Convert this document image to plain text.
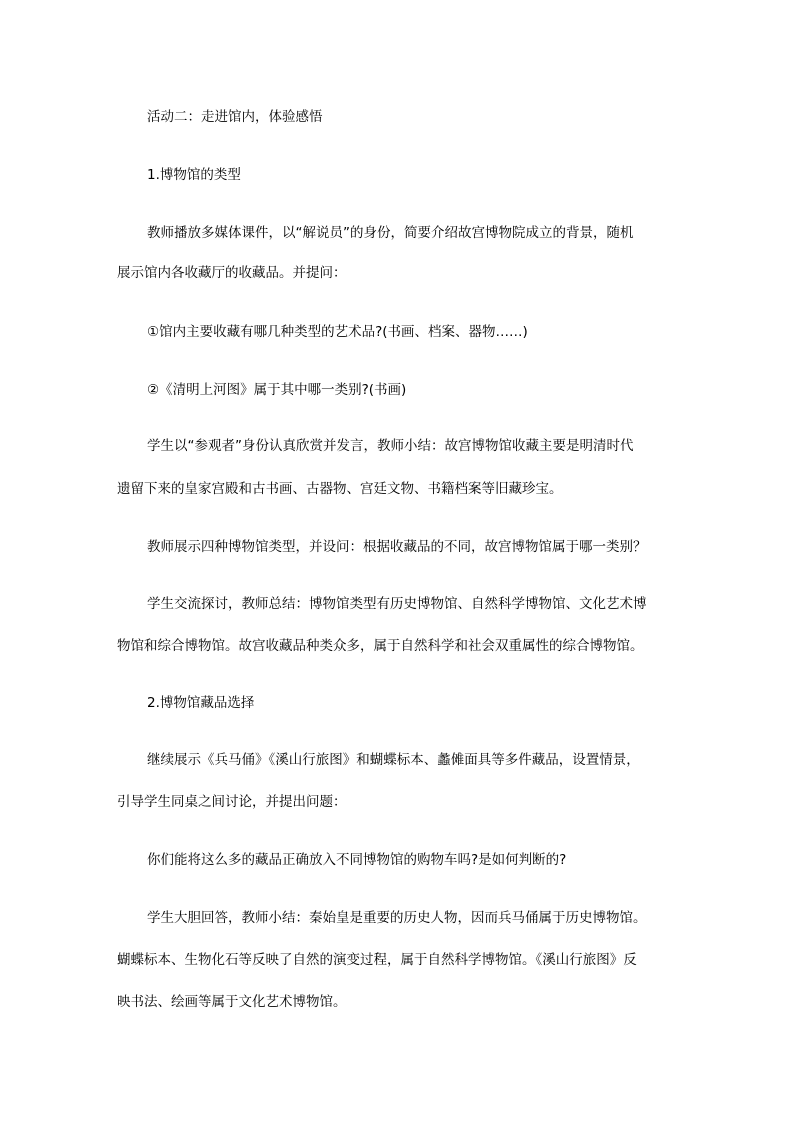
活动二：走进馆内，体验感悟
1.博物馆的类型
教师播放多媒体课件，以“解说员”的身份，简要介绍故宫博物院成立的背景，随机
展示馆内各收藏厅的收藏品。并提问：
①馆内主要收藏有哪几种类型的艺术品?(书画、档案、器物……)
②《清明上河图》属于其中哪一类别?(书画)
学生以“参观者”身份认真欣赏并发言，教师小结：故宫博物馆收藏主要是明清时代
遗留下来的皇家宫殿和古书画、古器物、宫廷文物、书籍档案等旧藏珍宝。
教师展示四种博物馆类型，并设问：根据收藏品的不同，故宫博物馆属于哪一类别？
学生交流探讨，教师总结：博物馆类型有历史博物馆、自然科学博物馆、文化艺术博
物馆和综合博物馆。故宫收藏品种类众多，属于自然科学和社会双重属性的综合博物馆。
2.博物馆藏品选择
继续展示《兵马俑》《溪山行旅图》和蝴蝶标本、蠡傩面具等多件藏品，设置情景，
引导学生同桌之间讨论，并提出问题：
你们能将这么多的藏品正确放入不同博物馆的购物车吗?是如何判断的?
学生大胆回答，教师小结：秦始皇是重要的历史人物，因而兵马俑属于历史博物馆。
蝴蝶标本、生物化石等反映了自然的演变过程，属于自然科学博物馆。《溪山行旅图》反
映书法、绘画等属于文化艺术博物馆。
